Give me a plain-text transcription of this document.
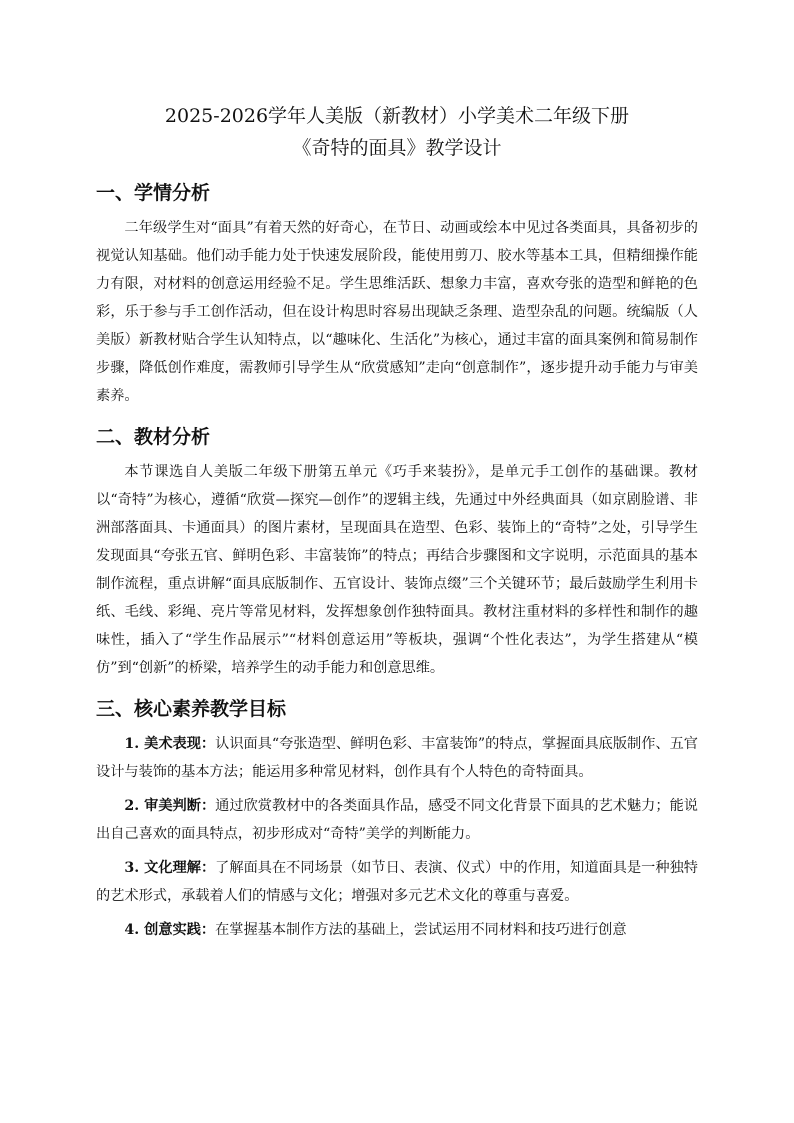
2025-2026学年人美版（新教材）小学美术二年级下册
《奇特的面具》教学设计
一、学情分析

二年级学生对“面具”有着天然的好奇心，在节日、动画或绘本中见过各类面具，具备初步的视觉认知基础。他们动手能力处于快速发展阶段，能使用剪刀、胶水等基本工具，但精细操作能力有限，对材料的创意运用经验不足。学生思维活跃、想象力丰富，喜欢夸张的造型和鲜艳的色彩，乐于参与手工创作活动，但在设计构思时容易出现缺乏条理、造型杂乱的问题。统编版（人美版）新教材贴合学生认知特点，以“趣味化、生活化”为核心，通过丰富的面具案例和简易制作步骤，降低创作难度，需教师引导学生从“欣赏感知”走向“创意制作”，逐步提升动手能力与审美素养。

二、教材分析

本节课选自人美版二年级下册第五单元《巧手来装扮》，是单元手工创作的基础课。教材以“奇特”为核心，遵循“欣赏—探究—创作”的逻辑主线，先通过中外经典面具（如京剧脸谱、非洲部落面具、卡通面具）的图片素材，呈现面具在造型、色彩、装饰上的“奇特”之处，引导学生发现面具“夸张五官、鲜明色彩、丰富装饰”的特点；再结合步骤图和文字说明，示范面具的基本制作流程，重点讲解“面具底版制作、五官设计、装饰点缀”三个关键环节；最后鼓励学生利用卡纸、毛线、彩绳、亮片等常见材料，发挥想象创作独特面具。教材注重材料的多样性和制作的趣味性，插入了“学生作品展示”“材料创意运用”等板块，强调“个性化表达”，为学生搭建从“模仿”到“创新”的桥梁，培养学生的动手能力和创意思维。

三、核心素养教学目标

1. 美术表现：认识面具“夸张造型、鲜明色彩、丰富装饰”的特点，掌握面具底版制作、五官设计与装饰的基本方法；能运用多种常见材料，创作具有个人特色的奇特面具。

2. 审美判断：通过欣赏教材中的各类面具作品，感受不同文化背景下面具的艺术魅力；能说出自己喜欢的面具特点，初步形成对“奇特”美学的判断能力。

3. 文化理解：了解面具在不同场景（如节日、表演、仪式）中的作用，知道面具是一种独特的艺术形式，承载着人们的情感与文化；增强对多元艺术文化的尊重与喜爱。

4. 创意实践：在掌握基本制作方法的基础上，尝试运用不同材料和技巧进行创意
